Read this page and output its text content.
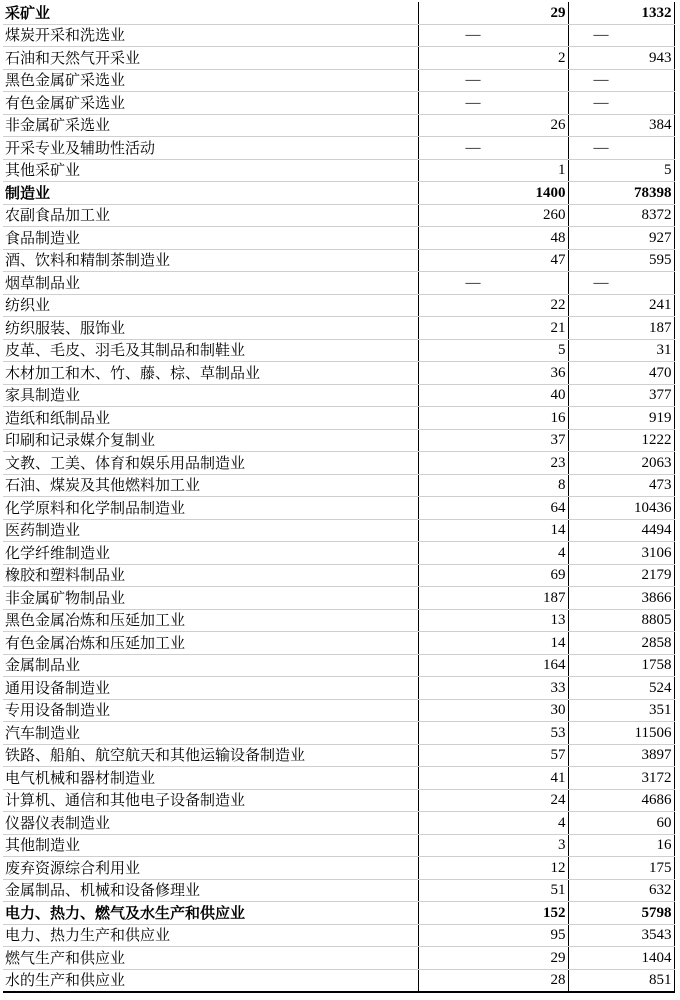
采矿业	29	1332
煤炭开采和洗选业	—	—
石油和天然气开采业	2	943
黑色金属矿采选业	—	—
有色金属矿采选业	—	—
非金属矿采选业	26	384
开采专业及辅助性活动	—	—
其他采矿业	1	5
制造业	1400	78398
农副食品加工业	260	8372
食品制造业	48	927
酒、饮料和精制茶制造业	47	595
烟草制品业	—	—
纺织业	22	241
纺织服装、服饰业	21	187
皮革、毛皮、羽毛及其制品和制鞋业	5	31
木材加工和木、竹、藤、棕、草制品业	36	470
家具制造业	40	377
造纸和纸制品业	16	919
印刷和记录媒介复制业	37	1222
文教、工美、体育和娱乐用品制造业	23	2063
石油、煤炭及其他燃料加工业	8	473
化学原料和化学制品制造业	64	10436
医药制造业	14	4494
化学纤维制造业	4	3106
橡胶和塑料制品业	69	2179
非金属矿物制品业	187	3866
黑色金属冶炼和压延加工业	13	8805
有色金属冶炼和压延加工业	14	2858
金属制品业	164	1758
通用设备制造业	33	524
专用设备制造业	30	351
汽车制造业	53	11506
铁路、船舶、航空航天和其他运输设备制造业	57	3897
电气机械和器材制造业	41	3172
计算机、通信和其他电子设备制造业	24	4686
仪器仪表制造业	4	60
其他制造业	3	16
废弃资源综合利用业	12	175
金属制品、机械和设备修理业	51	632
电力、热力、燃气及水生产和供应业	152	5798
电力、热力生产和供应业	95	3543
燃气生产和供应业	29	1404
水的生产和供应业	28	851
